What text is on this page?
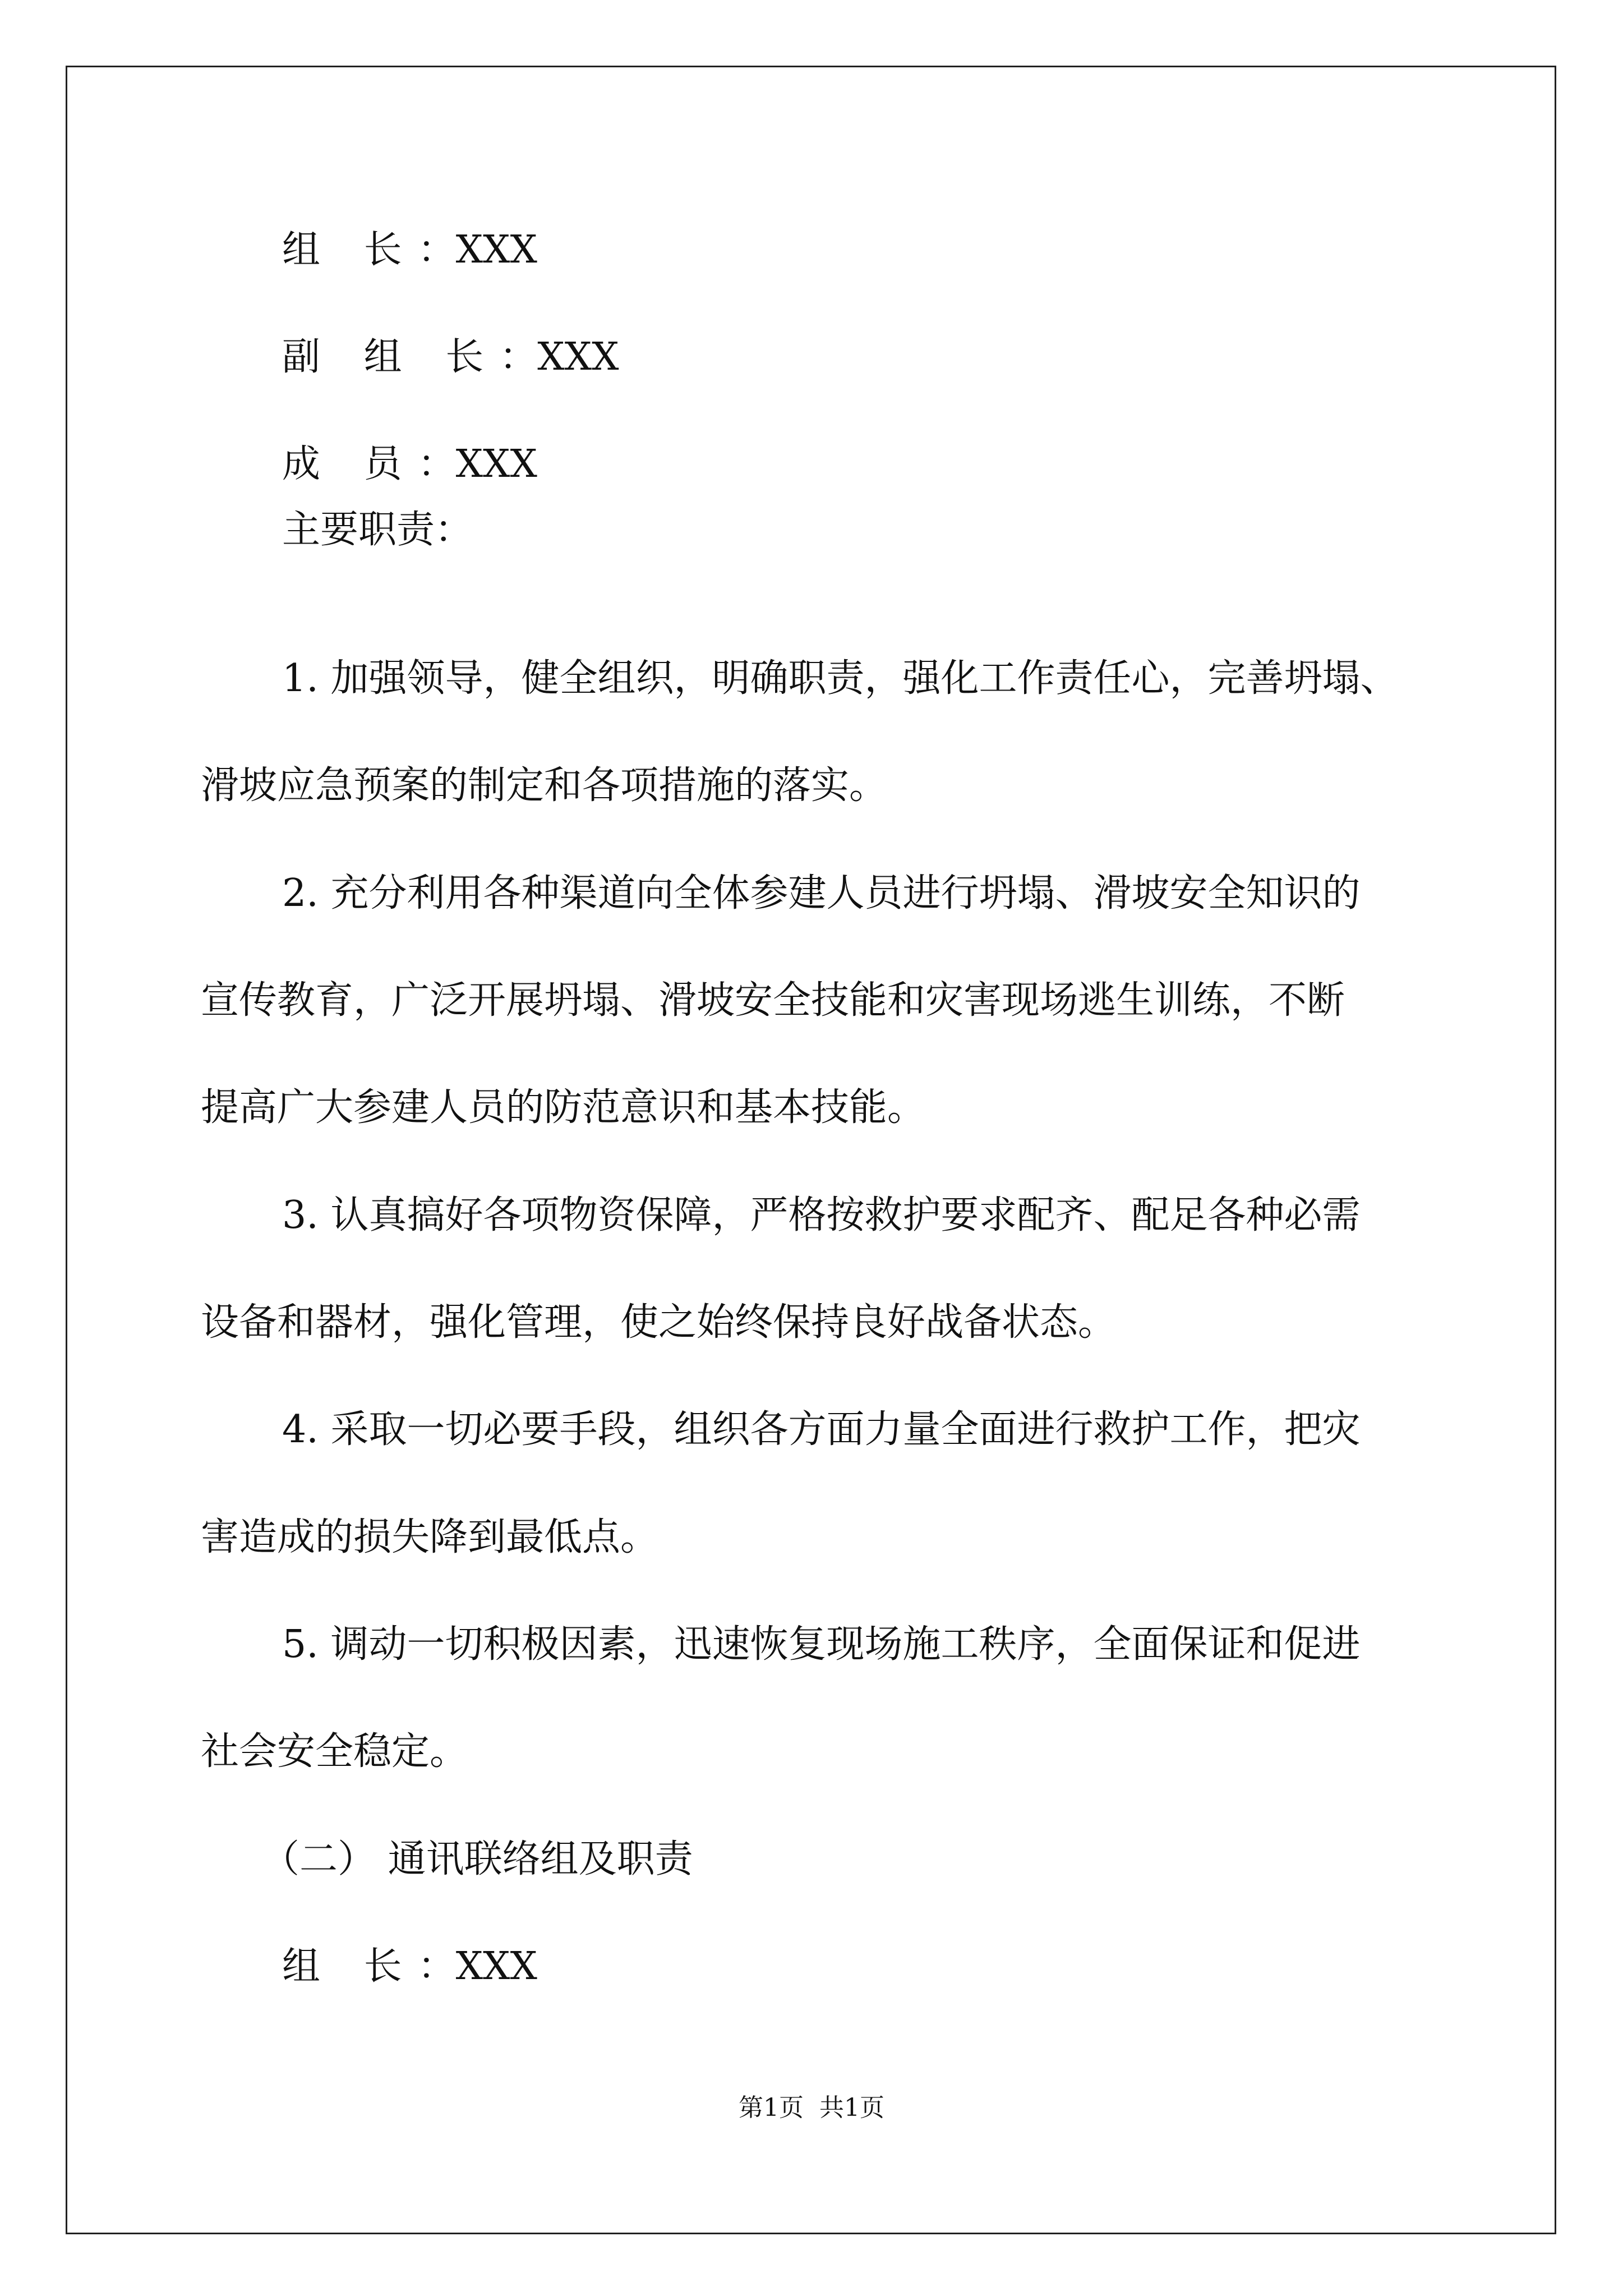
组 长：XXX
副 组 长：XXX
成 员：XXX
主要职责：
1. 加强领导，健全组织，明确职责，强化工作责任心，完善坍塌、
滑坡应急预案的制定和各项措施的落实。
2. 充分利用各种渠道向全体参建人员进行坍塌、滑坡安全知识的
宣传教育，广泛开展坍塌、滑坡安全技能和灾害现场逃生训练，不断
提高广大参建人员的防范意识和基本技能。
3. 认真搞好各项物资保障，严格按救护要求配齐、配足各种必需
设备和器材，强化管理，使之始终保持良好战备状态。
4. 采取一切必要手段，组织各方面力量全面进行救护工作，把灾
害造成的损失降到最低点。
5. 调动一切积极因素，迅速恢复现场施工秩序，全面保证和促进
社会安全稳定。
（二） 通讯联络组及职责
组 长：XXX
第1页 共1页
